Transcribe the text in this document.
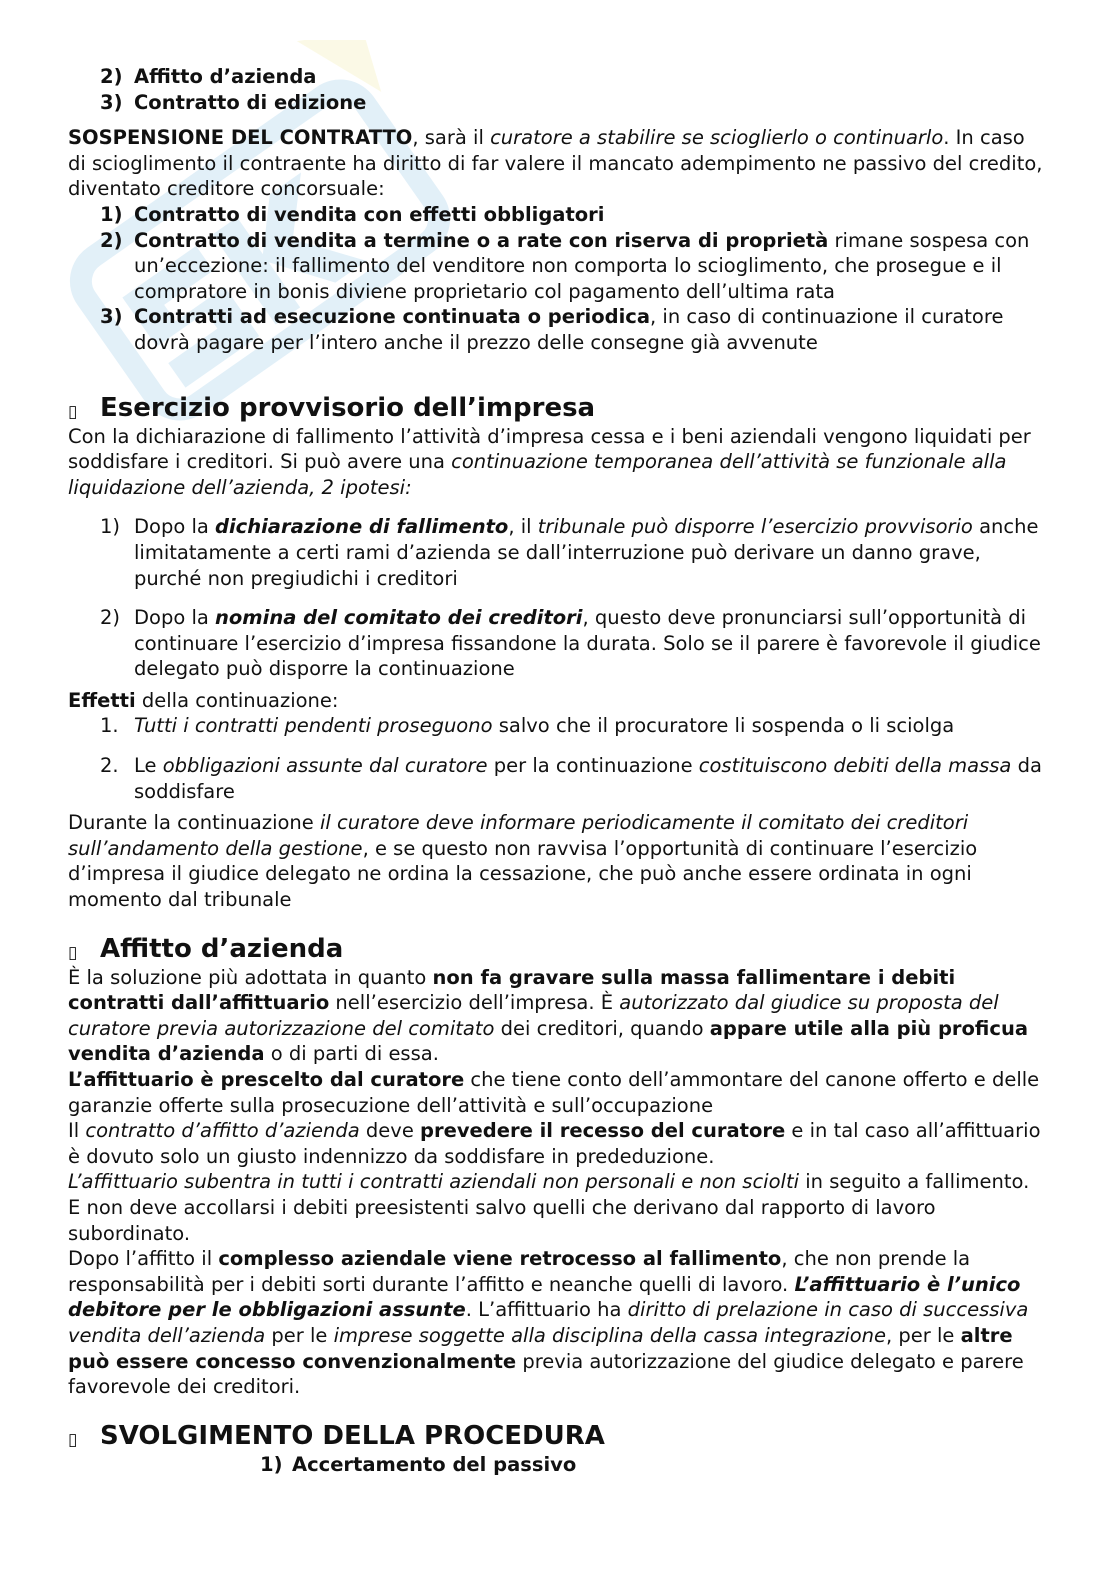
2) Affitto d’azienda
3) Contratto di edizione

SOSPENSIONE DEL CONTRATTO, sarà il curatore a stabilire se scioglierlo o continuarlo. In caso di scioglimento il contraente ha diritto di far valere il mancato adempimento ne passivo del credito, diventato creditore concorsuale:

1) Contratto di vendita con effetti obbligatori
2) Contratto di vendita a termine o a rate con riserva di proprietà rimane sospesa con un’eccezione: il fallimento del venditore non comporta lo scioglimento, che prosegue e il compratore in bonis diviene proprietario col pagamento dell’ultima rata
3) Contratti ad esecuzione continuata o periodica, in caso di continuazione il curatore dovrà pagare per l’intero anche il prezzo delle consegne già avvenute
▯ Esercizio provvisorio dell’impresa

Con la dichiarazione di fallimento l’attività d’impresa cessa e i beni aziendali vengono liquidati per soddisfare i creditori. Si può avere una continuazione temporanea dell’attività se funzionale alla liquidazione dell’azienda, 2 ipotesi:

1) Dopo la dichiarazione di fallimento, il tribunale può disporre l’esercizio provvisorio anche limitatamente a certi rami d’azienda se dall’interruzione può derivare un danno grave, purché non pregiudichi i creditori
2) Dopo la nomina del comitato dei creditori, questo deve pronunciarsi sull’opportunità di continuare l’esercizio d’impresa fissandone la durata. Solo se il parere è favorevole il giudice delegato può disporre la continuazione

Effetti della continuazione:

1. Tutti i contratti pendenti proseguono salvo che il procuratore li sospenda o li sciolga
2. Le obbligazioni assunte dal curatore per la continuazione costituiscono debiti della massa da soddisfare

Durante la continuazione il curatore deve informare periodicamente il comitato dei creditori sull’andamento della gestione, e se questo non ravvisa l’opportunità di continuare l’esercizio d’impresa il giudice delegato ne ordina la cessazione, che può anche essere ordinata in ogni momento dal tribunale

▯ Affitto d’azienda

È la soluzione più adottata in quanto non fa gravare sulla massa fallimentare i debiti contratti dall’affittuario nell’esercizio dell’impresa. È autorizzato dal giudice su proposta del curatore previa autorizzazione del comitato dei creditori, quando appare utile alla più proficua vendita d’azienda o di parti di essa.

L’affittuario è prescelto dal curatore che tiene conto dell’ammontare del canone offerto e delle garanzie offerte sulla prosecuzione dell’attività e sull’occupazione

Il contratto d’affitto d’azienda deve prevedere il recesso del curatore e in tal caso all’affittuario è dovuto solo un giusto indennizzo da soddisfare in prededuzione.

L’affittuario subentra in tutti i contratti aziendali non personali e non sciolti in seguito a fallimento. E non deve accollarsi i debiti preesistenti salvo quelli che derivano dal rapporto di lavoro subordinato.

Dopo l’affitto il complesso aziendale viene retrocesso al fallimento, che non prende la responsabilità per i debiti sorti durante l’affitto e neanche quelli di lavoro. L’affittuario è l’unico debitore per le obbligazioni assunte. L’affittuario ha diritto di prelazione in caso di successiva vendita dell’azienda per le imprese soggette alla disciplina della cassa integrazione, per le altre può essere concesso convenzionalmente previa autorizzazione del giudice delegato e parere favorevole dei creditori.

▯ SVOLGIMENTO DELLA PROCEDURA

1) Accertamento del passivo
